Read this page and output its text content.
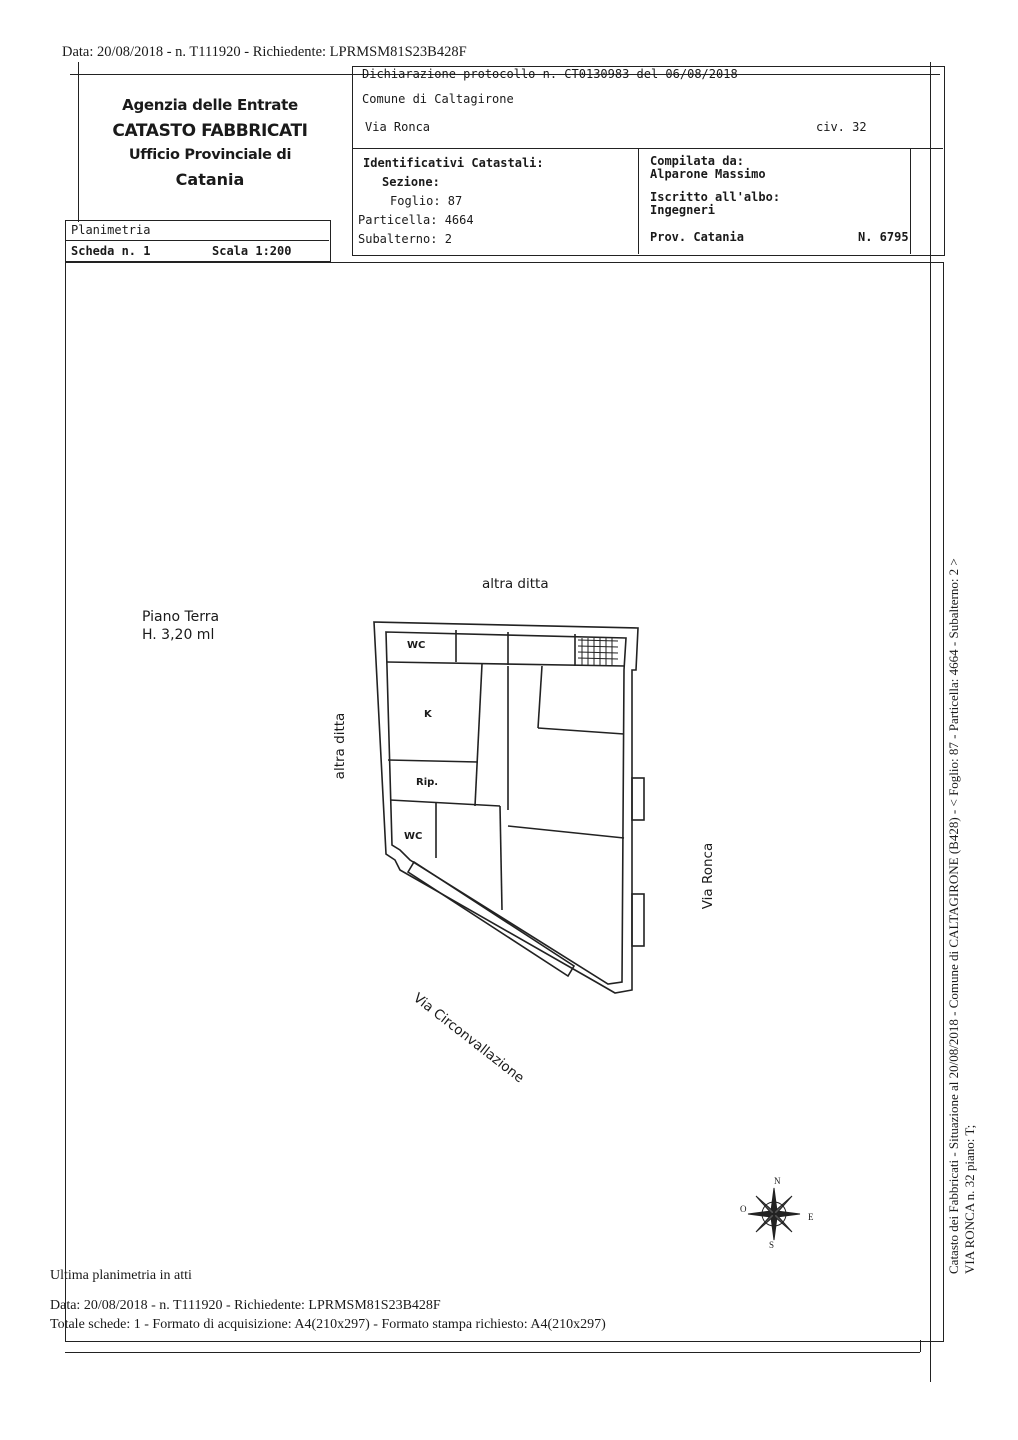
Data: 20/08/2018 - n. T111920 - Richiedente: LPRMSM81S23B428F
Agenzia delle Entrate
CATASTO FABBRICATI
Ufficio Provinciale di
Catania
Dichiarazione protocollo n. CT0130983 del 06/08/2018
Comune di Caltagirone
Via Ronca	civ. 32
Identificativi Catastali:
Sezione:
Foglio: 87
Particella: 4664
Subalterno: 2
Compilata da:
Alparone Massimo
Iscritto all'albo:
Ingegneri
Prov. Catania	N. 6795
Planimetria
Scheda n. 1	Scala 1:200
Piano Terra
H. 3,20 ml
altra ditta
altra ditta
Via Ronca
Via Circonvallazione
WC
K
Rip.
WC
N
S
E
O	Catasto dei Fabbricati - Situazione al 20/08/2018 - Comune di CALTAGIRONE (B428) - < Foglio: 87 - Particella: 4664 - Subalterno: 2 > VIA RONCA n. 32 piano: T;
Ultima planimetria in atti
Data: 20/08/2018 - n. T111920 - Richiedente: LPRMSM81S23B428F
Totale schede: 1 - Formato di acquisizione: A4(210x297) - Formato stampa richiesto: A4(210x297)
